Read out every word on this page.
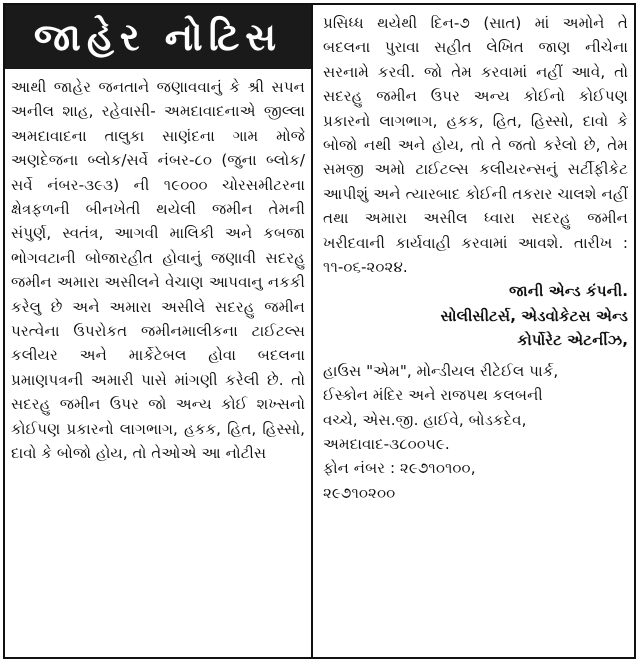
જાહેર નોટિસ

આથી જાહેર જનતાને જણાવવાનું કે શ્રી સપન અનીલ શાહ, રહેવાસી- અમદાવાદનાએ જીલ્લા અમદાવાદના તાલુકા સાણંદના ગામ મોજે અણદેજના બ્લોક/સર્વે નંબર-૮૦ (જુના બ્લોક/સર્વે નંબર-૩૯૩) ની ૧૯૦૦૦ ચોરસમીટરના ક્ષેત્રફળની બીનખેતી થયેલી જમીન તેમની સંપુર્ણ, સ્વતંત્ર, આગવી માલિકી અને કબજા ભોગવટાની બોજારહીત હોવાનું જણાવી સદરહુ જમીન અમારા અસીલને વેચાણ આપવાનુ નકકી કરેલુ છે અને અમારા અસીલે સદરહુ જમીન પરત્વેના ઉપરોકત જમીનમાલીકના ટાઈટલ્સ કલીયર અને માર્કેટેબલ હોવા બદલના પ્રમાણપત્રની અમારી પાસે માંગણી કરેલી છે. તો સદરહુ જમીન ઉપર જો અન્ય કોઈ શખ્સનો કોઈપણ પ્રકારનો લાગભાગ, હકક, હિત, હિસ્સો, દાવો કે બોજો હોય, તો તેઓએ આ નોટીસ

પ્રસિધ્ધ થયેથી દિન-૭ (સાત) માં અમોને તે બદલના પુરાવા સહીત લેખિત જાણ નીચેના સરનામે કરવી. જો તેમ કરવામાં નહીં આવે, તો સદરહુ જમીન ઉપર અન્ય કોઈનો કોઈપણ પ્રકારનો લાગભાગ, હકક, હિત, હિસ્સો, દાવો કે બોજો નથી અને હોય, તો તે જતો કરેલો છે, તેમ સમજી અમો ટાઈટલ્સ કલીયરન્સનું સર્ટીફીકેટ આપીશું અને ત્યારબાદ કોઈની તકરાર ચાલશે નહીં તથા અમારા અસીલ ધ્વારા સદરહુ જમીન ખરીદવાની કાર્યવાહી કરવામાં આવશે. તારીખ : ૧૧-૦૬-૨૦૨૪.

જાની એન્ડ કંપની.

સોલીસીટર્સ, એડવોકેટસ એન્ડ

કોર્પોરેટ એટર્નીઝ,

હાઉસ "એમ", મોન્ડીયલ રીટેઈલ પાર્ક,
ઈસ્કોન મંદિર અને રાજપથ કલબની
વચ્ચે, એસ.જી. હાઈવે, બોડકદેવ,
અમદાવાદ-૩૮૦૦૫૯.
ફોન નંબર : ૨૯૭૧૦૧૦૦,
૨૯૭૧૦૨૦૦
